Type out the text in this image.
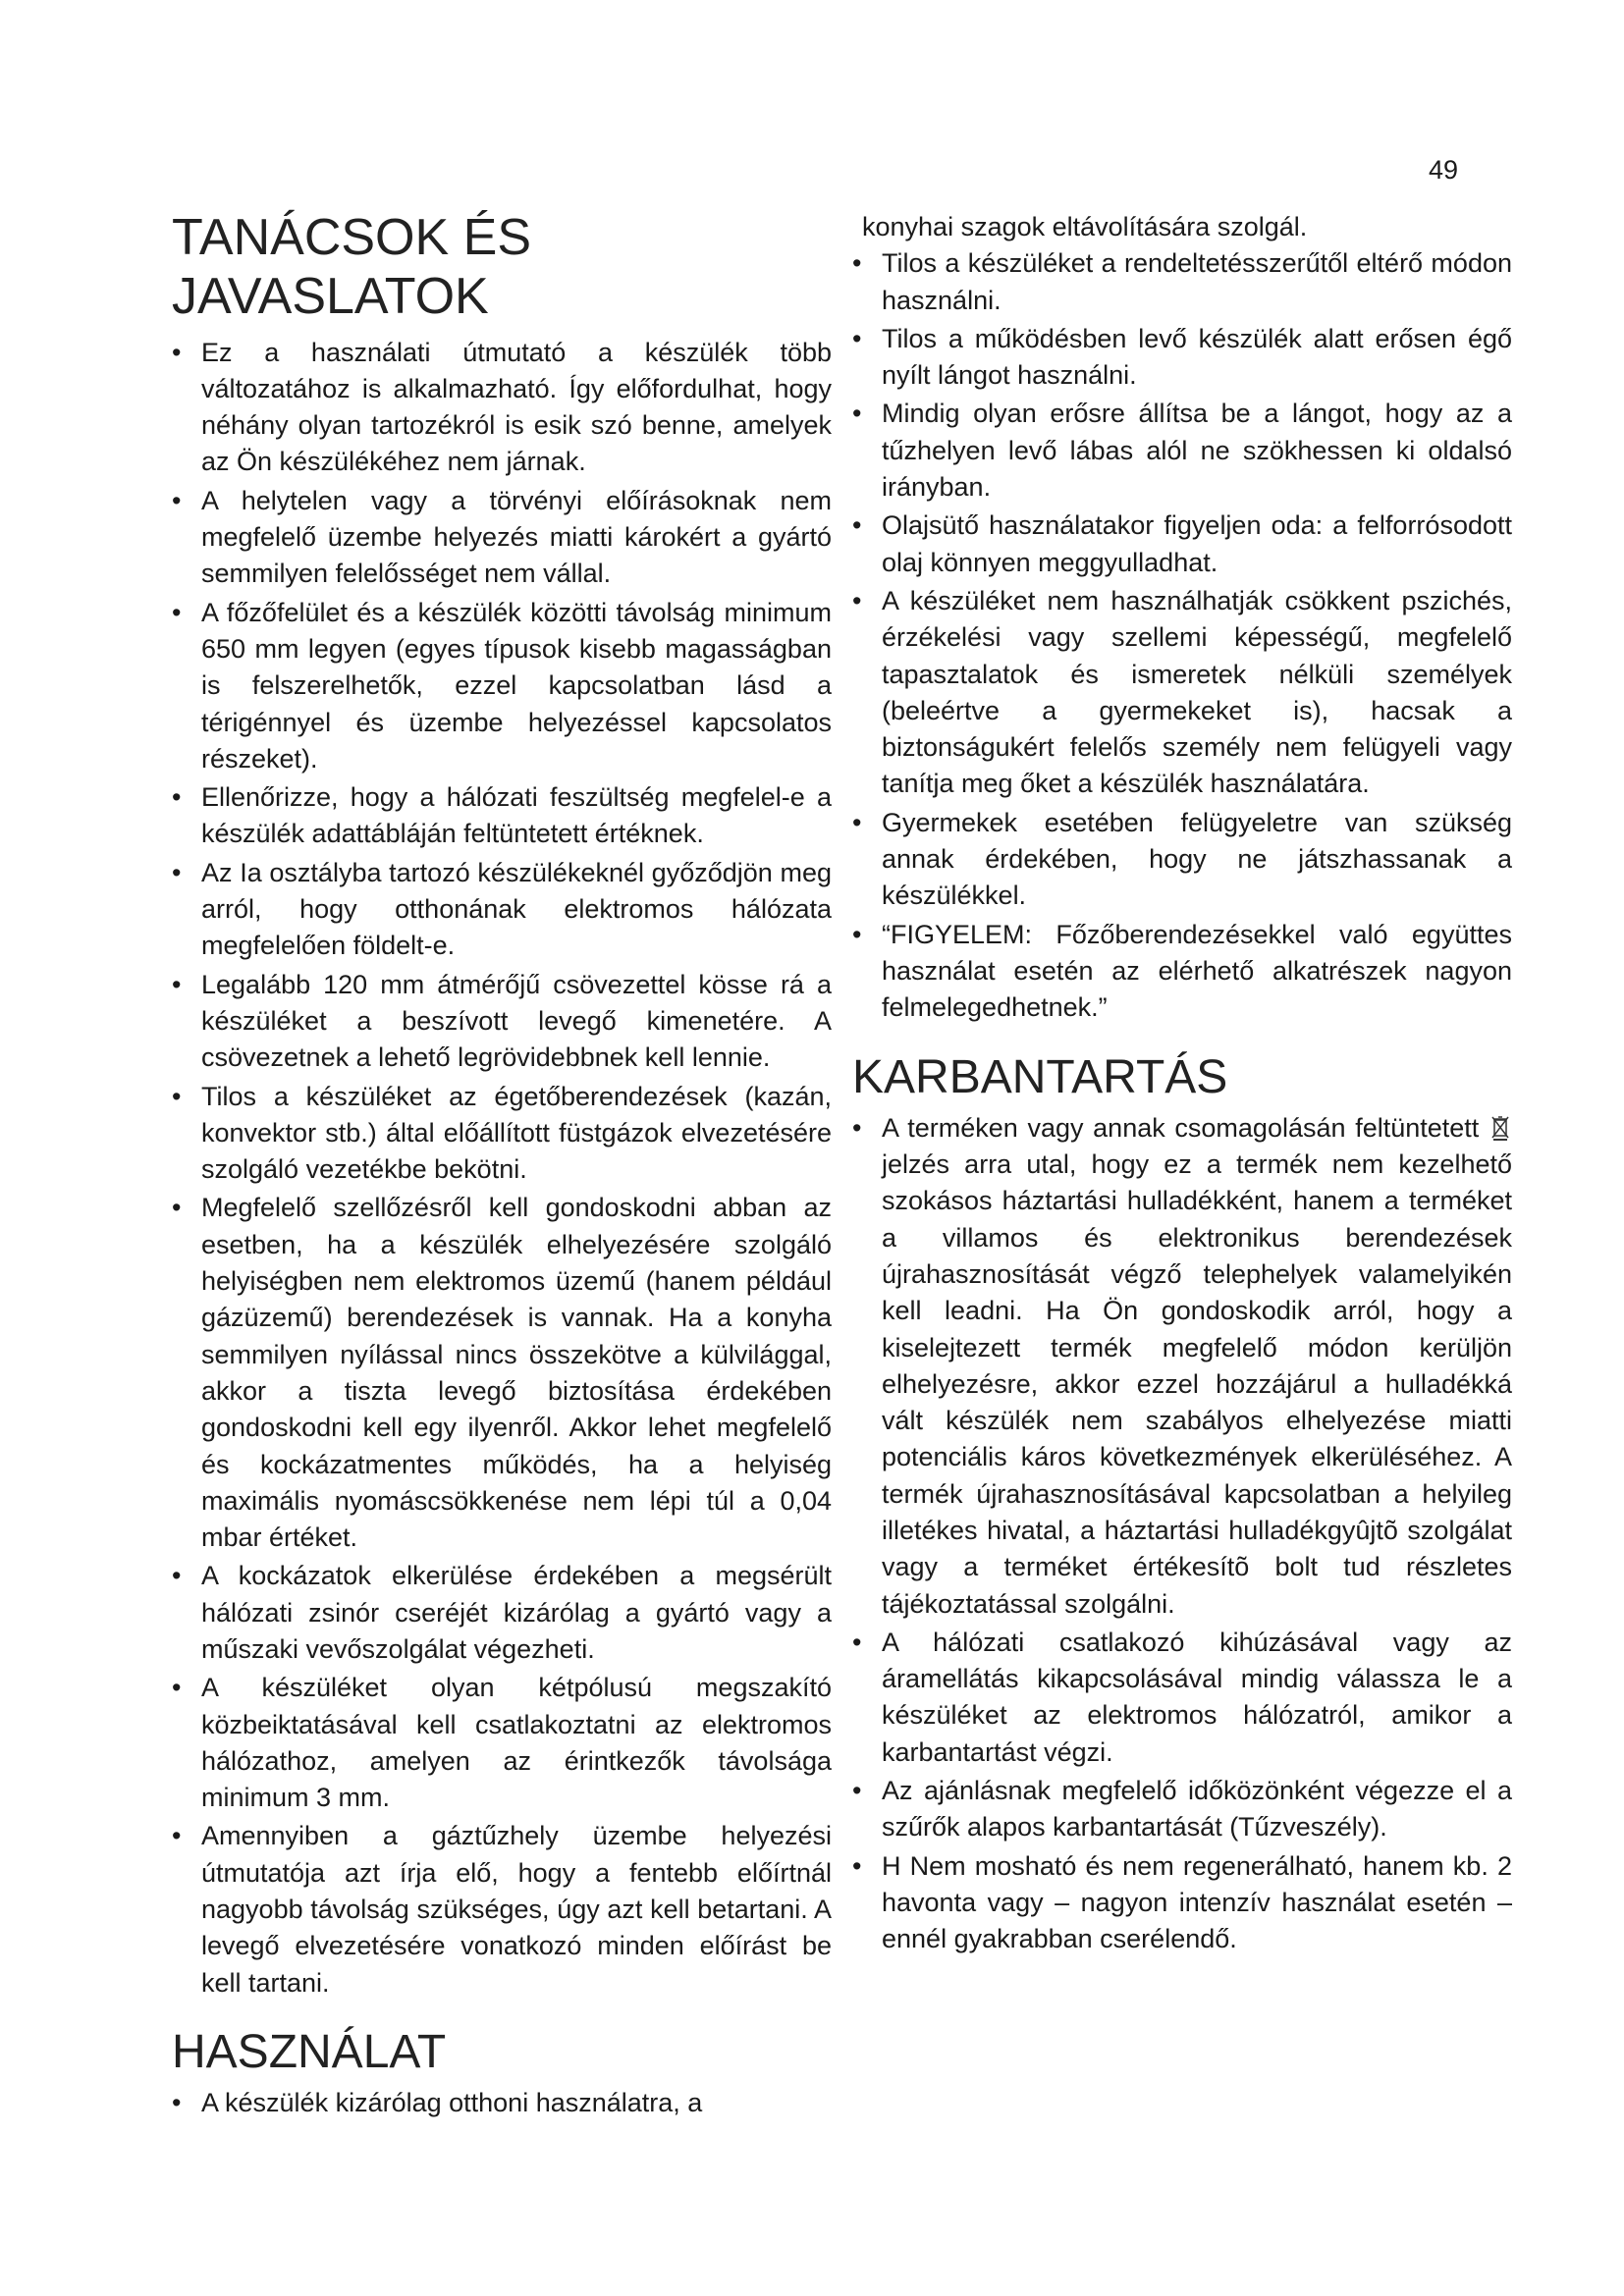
49
TANÁCSOK ÉS JAVASLATOK
• Ez a használati útmutató a készülék több változatához is alkalmazható. Így előfordulhat, hogy néhány olyan tartozékról is esik szó benne, amelyek az Ön készülékéhez nem járnak.
• A helytelen vagy a törvényi előírásoknak nem megfelelő üzembe helyezés miatti károkért a gyártó semmilyen felelősséget nem vállal.
• A főzőfelület és a készülék közötti távolság minimum 650 mm legyen (egyes típusok kisebb magasságban is felszerelhetők, ezzel kapcsolatban lásd a térigénnyel és üzembe helyezéssel kapcsolatos részeket).
• Ellenőrizze, hogy a hálózati feszültség megfelel-e a készülék adattábláján feltüntetett értéknek.
• Az Ia osztályba tartozó készülékeknél győződjön meg arról, hogy otthonának elektromos hálózata megfelelően földelt-e.
• Legalább 120 mm átmérőjű csövezettel kösse rá a készüléket a beszívott levegő kimenetére. A csövezetnek a lehető legrövidebbnek kell lennie.
• Tilos a készüléket az égetőberendezések (kazán, konvektor stb.) által előállított füstgázok elvezetésére szolgáló vezetékbe bekötni.
• Megfelelő szellőzésről kell gondoskodni abban az esetben, ha a készülék elhelyezésére szolgáló helyiségben nem elektromos üzemű (hanem például gázüzemű) berendezések is vannak. Ha a konyha semmilyen nyílással nincs összekötve a külvilággal, akkor a tiszta levegő biztosítása érdekében gondoskodni kell egy ilyenről. Akkor lehet megfelelő és kockázatmentes működés, ha a helyiség maximális nyomáscsökkenése nem lépi túl a 0,04 mbar értéket.
• A kockázatok elkerülése érdekében a megsérült hálózati zsinór cseréjét kizárólag a gyártó vagy a műszaki vevőszolgálat végezheti.
• A készüléket olyan kétpólusú megszakító közbeiktatásával kell csatlakoztatni az elektromos hálózathoz, amelyen az érintkezők távolsága minimum 3 mm.
• Amennyiben a gáztűzhely üzembe helyezési útmutatója azt írja elő, hogy a fentebb előírtnál nagyobb távolság szükséges, úgy azt kell betartani. A levegő elvezetésére vonatkozó minden előírást be kell tartani.
HASZNÁLAT
• A készülék kizárólag otthoni használatra, a
konyhai szagok eltávolítására szolgál.
• Tilos a készüléket a rendeltetésszerűtől eltérő módon használni.
• Tilos a működésben levő készülék alatt erősen égő nyílt lángot használni.
• Mindig olyan erősre állítsa be a lángot, hogy az a tűzhelyen levő lábas alól ne szökhessen ki oldalsó irányban.
• Olajsütő használatakor figyeljen oda: a felforrósodott olaj könnyen meggyulladhat.
• A készüléket nem használhatják csökkent pszichés, érzékelési vagy szellemi képességű, megfelelő tapasztalatok és ismeretek nélküli személyek (beleértve a gyermekeket is), hacsak a biztonságukért felelős személy nem felügyeli vagy tanítja meg őket a készülék használatára.
• Gyermekek esetében felügyeletre van szükség annak érdekében, hogy ne játszhassanak a készülékkel.
• “FIGYELEM: Főzőberendezésekkel való együttes használat esetén az elérhető alkatrészek nagyon felmelegedhetnek.”
KARBANTARTÁS
• A terméken vagy annak csomagolásán feltüntetett  jelzés arra utal, hogy ez a termék nem kezelhető szokásos háztartási hulladékként, hanem a terméket a villamos és elektronikus berendezések újrahasznosítását végző telephelyek valamelyikén kell leadni. Ha Ön gondoskodik arról, hogy a kiselejtezett termék megfelelő módon kerüljön elhelyezésre, akkor ezzel hozzájárul a hulladékká vált készülék nem szabályos elhelyezése miatti potenciális káros következmények elkerüléséhez. A termék újrahasznosításával kapcsolatban a helyileg illetékes hivatal, a háztartási hulladékgyûjtõ szolgálat vagy a terméket értékesítõ bolt tud részletes tájékoztatással szolgálni.
• A hálózati csatlakozó kihúzásával vagy az áramellátás kikapcsolásával mindig válassza le a készüléket az elektromos hálózatról, amikor a karbantartást végzi.
• Az ajánlásnak megfelelő időközönként végezze el a szűrők alapos karbantartását (Tűzveszély).
• H Nem mosható és nem regenerálható, hanem kb. 2 havonta vagy – nagyon intenzív használat esetén – ennél gyakrabban cserélendő.
